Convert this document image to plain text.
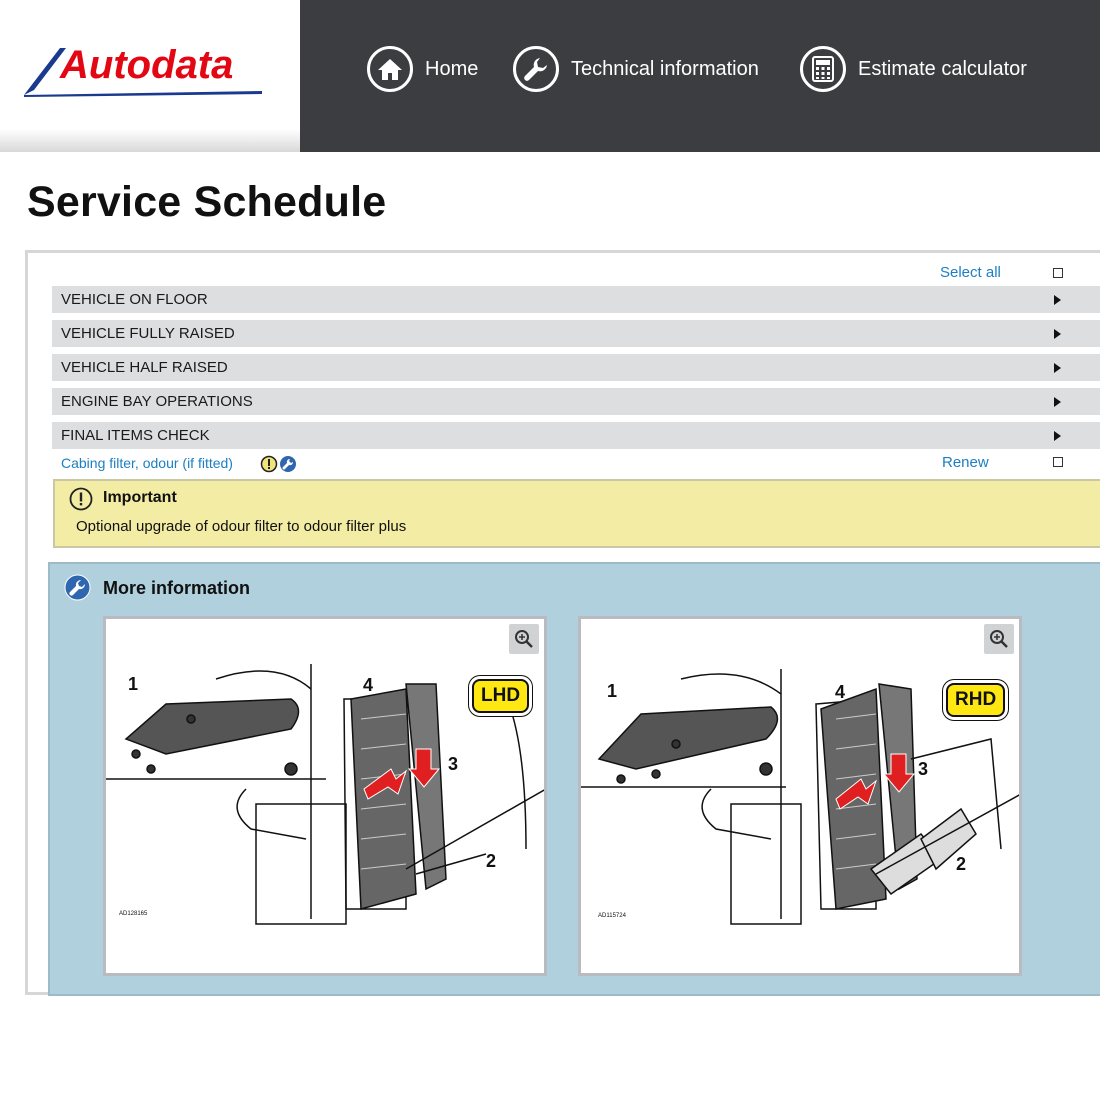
Autodata	Home	Technical information	Estimate calculator
Service Schedule
Select all
VEHICLE ON FLOOR
VEHICLE FULLY RAISED
VEHICLE HALF RAISED
ENGINE BAY OPERATIONS
FINAL ITEMS CHECK
Cabing filter, odour (if fitted)	Renew
Important
Optional upgrade of odour filter to odour filter plus
More information
LHD
1
2
3
4
AD128165
RHD
1
2
3
4
AD115724
